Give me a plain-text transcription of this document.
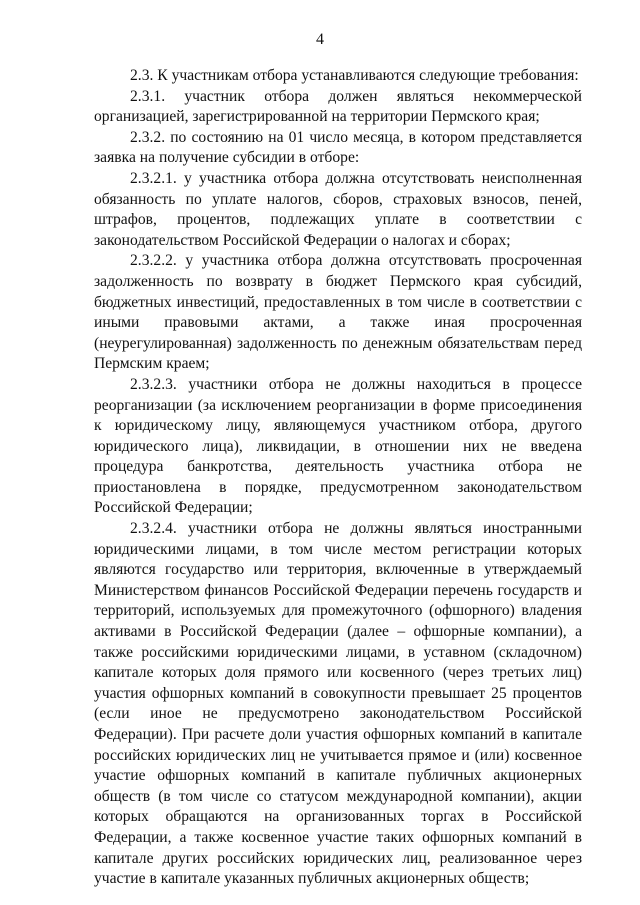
4

2.3. К участникам отбора устанавливаются следующие требования:

2.3.1. участник отбора должен являться некоммерческой организацией, зарегистрированной на территории Пермского края;

2.3.2. по состоянию на 01 число месяца, в котором представляется заявка на получение субсидии в отборе:

2.3.2.1. у участника отбора должна отсутствовать неисполненная обязанность по уплате налогов, сборов, страховых взносов, пеней, штрафов, процентов, подлежащих уплате в соответствии с законодательством Российской Федерации о налогах и сборах;

2.3.2.2. у участника отбора должна отсутствовать просроченная задолженность по возврату в бюджет Пермского края субсидий, бюджетных инвестиций, предоставленных в том числе в соответствии с иными правовыми актами, а также иная просроченная (неурегулированная) задолженность по денежным обязательствам перед Пермским краем;

2.3.2.3. участники отбора не должны находиться в процессе реорганизации (за исключением реорганизации в форме присоединения к юридическому лицу, являющемуся участником отбора, другого юридического лица), ликвидации, в отношении них не введена процедура банкротства, деятельность участника отбора не приостановлена в порядке, предусмотренном законодательством Российской Федерации;

2.3.2.4. участники отбора не должны являться иностранными юридическими лицами, в том числе местом регистрации которых являются государство или территория, включенные в утверждаемый Министерством финансов Российской Федерации перечень государств и территорий, используемых для промежуточного (офшорного) владения активами в Российской Федерации (далее – офшорные компании), а также российскими юридическими лицами, в уставном (складочном) капитале которых доля прямого или косвенного (через третьих лиц) участия офшорных компаний в совокупности превышает 25 процентов (если иное не предусмотрено законодательством Российской Федерации). При расчете доли участия офшорных компаний в капитале российских юридических лиц не учитывается прямое и (или) косвенное участие офшорных компаний в капитале публичных акционерных обществ (в том числе со статусом международной компании), акции которых обращаются на организованных торгах в Российской Федерации, а также косвенное участие таких офшорных компаний в капитале других российских юридических лиц, реализованное через участие в капитале указанных публичных акционерных обществ;
